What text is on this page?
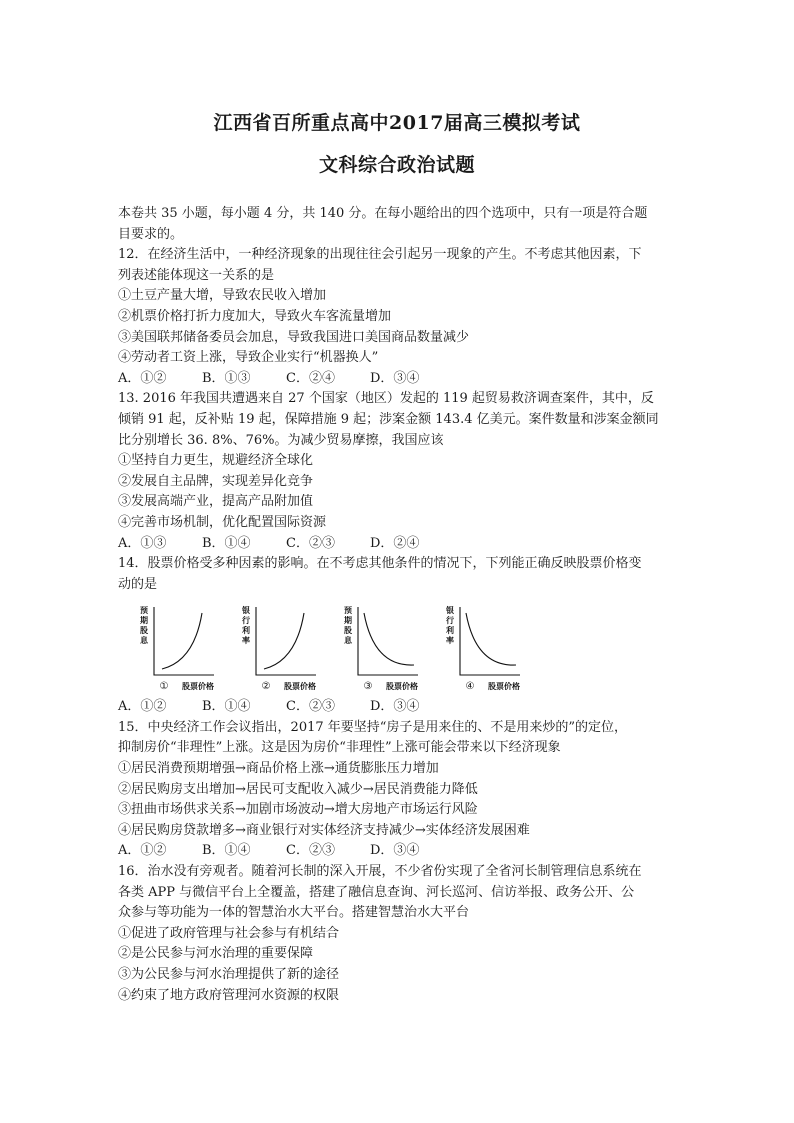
江西省百所重点高中2017届高三模拟考试
文科综合政治试题

本卷共 35 小题，每小题 4 分，共 140 分。在每小题给出的四个选项中，只有一项是符合题

目要求的。

12．在经济生活中，一种经济现象的出现往往会引起另一现象的产生。不考虑其他因素，下

列表述能体现这一关系的是

①土豆产量大增，导致农民收入增加

②机票价格打折力度加大，导致火车客流量增加

③美国联邦储备委员会加息，导致我国进口美国商品数量减少

④劳动者工资上涨，导致企业实行“机器换人”

A．①②	B．①③	C．②④	D．③④

13. 2016 年我国共遭遇来自 27 个国家（地区）发起的 119 起贸易救济调查案件，其中，反

倾销 91 起，反补贴 19 起，保障措施 9 起；涉案金额 143.4 亿美元。案件数量和涉案金额同

比分别增长 36. 8%、76%。为减少贸易摩擦，我国应该

①坚持自力更生，规避经济全球化

②发展自主品牌，实现差异化竞争

③发展高端产业，提高产品附加值

④完善市场机制，优化配置国际资源

A．①③	B．①④	C．②③	D．②④

14．股票价格受多种因素的影响。在不考虑其他条件的情况下，下列能正确反映股票价格变

动的是

预
期
股
息
① 股票价格
银
行
利
率
② 股票价格
预
期
股
息
③ 股票价格
银
行
利
率
④ 股票价格

A．①②	B．①④	C．②③	D．③④

15．中央经济工作会议指出，2017 年要坚持“房子是用来住的、不是用来炒的”的定位，

抑制房价“非理性”上涨。这是因为房价“非理性”上涨可能会带来以下经济现象

①居民消费预期增强→商品价格上涨→通货膨胀压力增加

②居民购房支出增加→居民可支配收入减少→居民消费能力降低

③扭曲市场供求关系→加剧市场波动→增大房地产市场运行风险

④居民购房贷款增多→商业银行对实体经济支持减少→实体经济发展困难

A．①②	B．①④	C．②③	D．③④

16．治水没有旁观者。随着河长制的深入开展，不少省份实现了全省河长制管理信息系统在

各类 APP 与微信平台上全覆盖，搭建了融信息查询、河长巡河、信访举报、政务公开、公

众参与等功能为一体的智慧治水大平台。搭建智慧治水大平台

①促进了政府管理与社会参与有机结合

②是公民参与河水治理的重要保障

③为公民参与河水治理提供了新的途径

④约束了地方政府管理河水资源的权限
